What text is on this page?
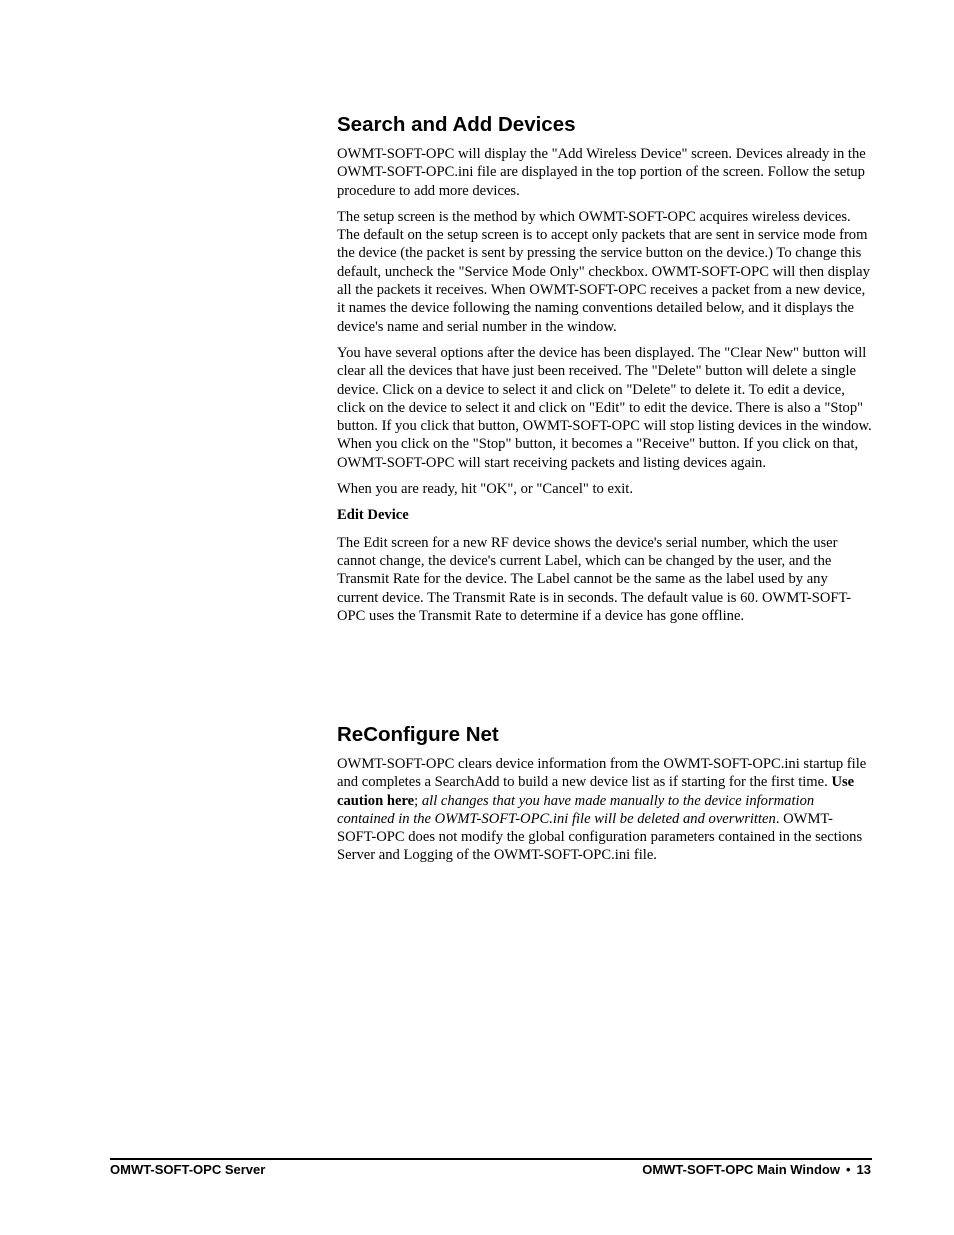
Search and Add Devices

OWMT-SOFT-OPC will display the "Add Wireless Device" screen. Devices already in the OWMT-SOFT-OPC.ini file are displayed in the top portion of the screen. Follow the setup procedure to add more devices.

The setup screen is the method by which OWMT-SOFT-OPC acquires wireless devices. The default on the setup screen is to accept only packets that are sent in service mode from the device (the packet is sent by pressing the service button on the device.) To change this default, uncheck the "Service Mode Only" checkbox. OWMT-SOFT-OPC will then display all the packets it receives. When OWMT-SOFT-OPC receives a packet from a new device, it names the device following the naming conventions detailed below, and it displays the device's name and serial number in the window.

You have several options after the device has been displayed. The "Clear New" button will clear all the devices that have just been received. The "Delete" button will delete a single device. Click on a device to select it and click on "Delete" to delete it. To edit a device, click on the device to select it and click on "Edit" to edit the device. There is also a "Stop" button. If you click that button, OWMT-SOFT-OPC will stop listing devices in the window. When you click on the "Stop" button, it becomes a "Receive" button. If you click on that, OWMT-SOFT-OPC will start receiving packets and listing devices again.

When you are ready, hit "OK", or "Cancel" to exit.

Edit Device

The Edit screen for a new RF device shows the device's serial number, which the user cannot change, the device's current Label, which can be changed by the user, and the Transmit Rate for the device. The Label cannot be the same as the label used by any current device. The Transmit Rate is in seconds. The default value is 60. OWMT-SOFT-OPC uses the Transmit Rate to determine if a device has gone offline.

ReConfigure Net

OWMT-SOFT-OPC clears device information from the OWMT-SOFT-OPC.ini startup file and completes a SearchAdd to build a new device list as if starting for the first time. Use caution here; all changes that you have made manually to the device information contained in the OWMT-SOFT-OPC.ini file will be deleted and overwritten. OWMT-SOFT-OPC does not modify the global configuration parameters contained in the sections Server and Logging of the OWMT-SOFT-OPC.ini file.

OMWT-SOFT-OPC Server	OMWT-SOFT-OPC Main Window • 13
